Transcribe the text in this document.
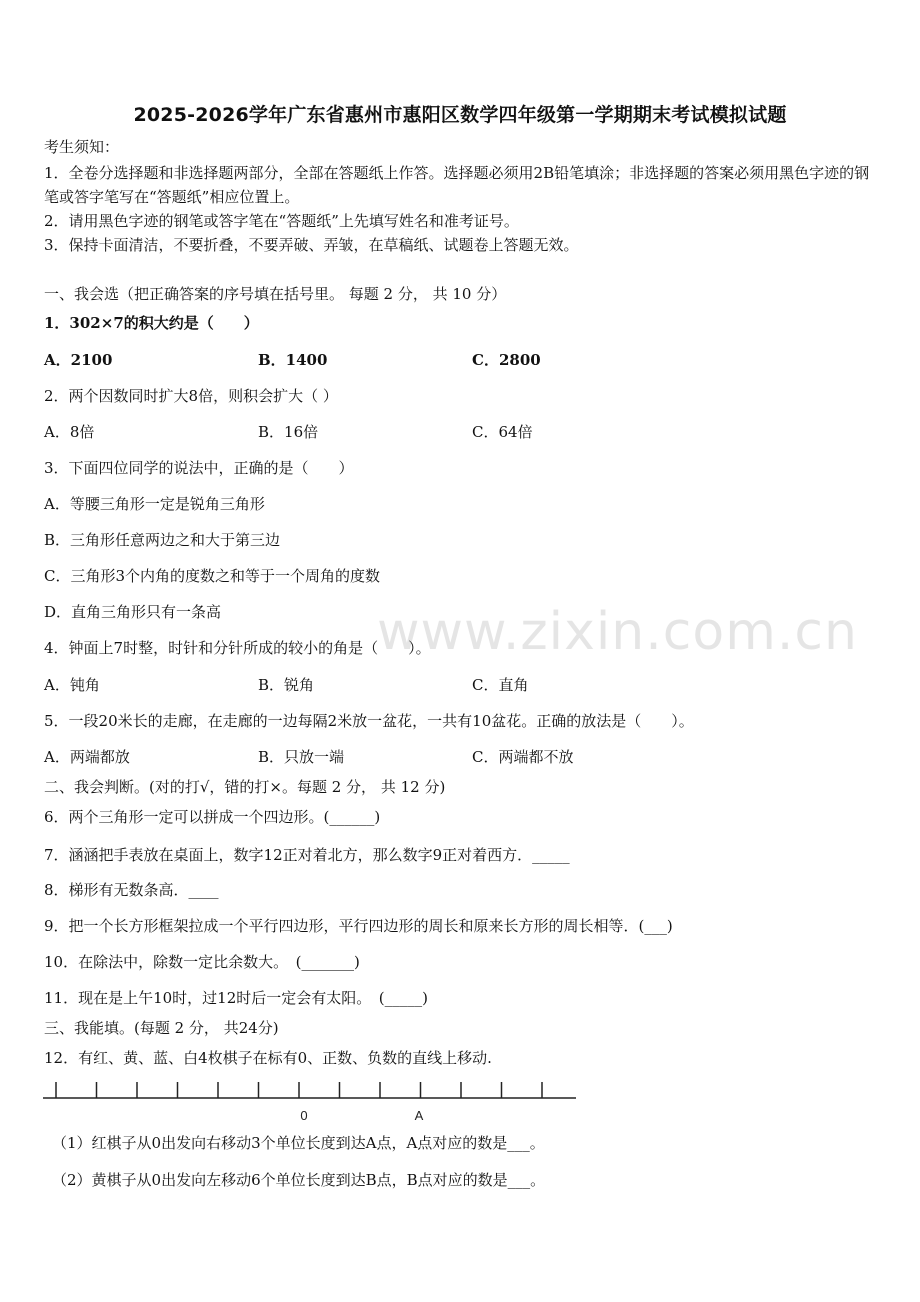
2025-2026学年广东省惠州市惠阳区数学四年级第一学期期末考试模拟试题
考生须知：
1．全卷分选择题和非选择题两部分，全部在答题纸上作答。选择题必须用2B铅笔填涂；非选择题的答案必须用黑色字迹的钢笔或答字笔写在“答题纸”相应位置上。
2．请用黑色字迹的钢笔或答字笔在“答题纸”上先填写姓名和准考证号。
3．保持卡面清洁，不要折叠，不要弄破、弄皱，在草稿纸、试题卷上答题无效。
一、我会选（把正确答案的序号填在括号里。 每题 2 分， 共 10 分）
1．302×7的积大约是（　　）
A．2100	B．1400	C．2800
2．两个因数同时扩大8倍，则积会扩大（ ）
A．8倍	B．16倍	C．64倍
3．下面四位同学的说法中，正确的是（　　）
A．等腰三角形一定是锐角三角形
B．三角形任意两边之和大于第三边
C．三角形3个内角的度数之和等于一个周角的度数
D．直角三角形只有一条高	www.zixin.com.cn
4．钟面上7时整，时针和分针所成的较小的角是（　　）。
A．钝角	B．锐角	C．直角
5．一段20米长的走廊，在走廊的一边每隔2米放一盆花，一共有10盆花。正确的放法是（　　）。
A．两端都放	B．只放一端	C．两端都不放
二、我会判断。(对的打√，错的打×。每题 2 分， 共 12 分)
6．两个三角形一定可以拼成一个四边形。(______)
7．涵涵把手表放在桌面上，数字12正对着北方，那么数字9正对着西方．_____
8．梯形有无数条高．____
9．把一个长方形框架拉成一个平行四边形，平行四边形的周长和原来长方形的周长相等．(___)
10．在除法中，除数一定比余数大。　(_______)
11．现在是上午10时，过12时后一定会有太阳。　(_____)
三、我能填。(每题 2 分， 共24分)
12．有红、黄、蓝、白4枚棋子在标有0、正数、负数的直线上移动.
0	A
（1）红棋子从0出发向右移动3个单位长度到达A点，A点对应的数是___。
（2）黄棋子从0出发向左移动6个单位长度到达B点，B点对应的数是___。
